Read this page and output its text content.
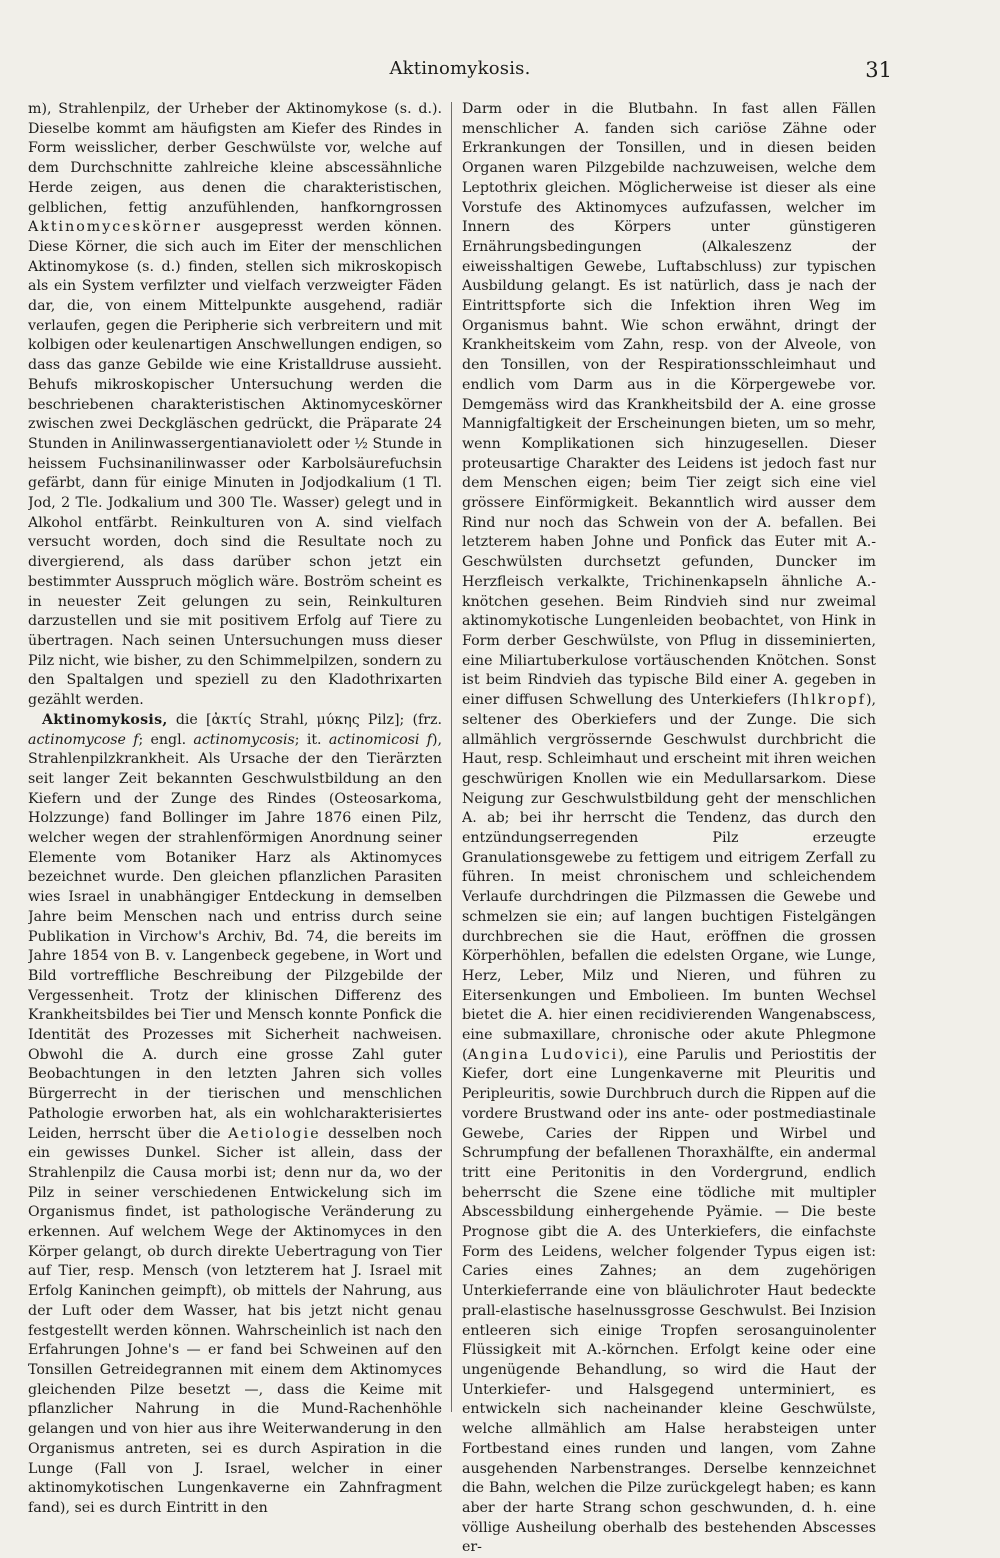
Aktinomykosis.	31

m), Strahlenpilz, der Urheber der Aktinomykose (s. d.). Dieselbe kommt am häufigsten am Kiefer des Rindes in Form weisslicher, derber Geschwülste vor, welche auf dem Durchschnitte zahlreiche kleine abscessähnliche Herde zeigen, aus denen die charakteristischen, gelblichen, fettig anzufühlenden, hanfkorngrossen Aktinomyceskörner ausgepresst werden können. Diese Körner, die sich auch im Eiter der menschlichen Aktinomykose (s. d.) finden, stellen sich mikroskopisch als ein System verfilzter und vielfach verzweigter Fäden dar, die, von einem Mittelpunkte ausgehend, radiär verlaufen, gegen die Peripherie sich verbreitern und mit kolbigen oder keulenartigen Anschwellungen endigen, so dass das ganze Gebilde wie eine Kristalldruse aussieht. Behufs mikroskopischer Untersuchung werden die beschriebenen charakteristischen Aktinomyceskörner zwischen zwei Deckgläschen gedrückt, die Präparate 24 Stunden in Anilinwassergentianaviolett oder ½ Stunde in heissem Fuchsinanilinwasser oder Karbolsäurefuchsin gefärbt, dann für einige Minuten in Jodjodkalium (1 Tl. Jod, 2 Tle. Jodkalium und 300 Tle. Wasser) gelegt und in Alkohol entfärbt. Reinkulturen von A. sind vielfach versucht worden, doch sind die Resultate noch zu divergierend, als dass darüber schon jetzt ein bestimmter Ausspruch möglich wäre. Boström scheint es in neuester Zeit gelungen zu sein, Reinkulturen darzustellen und sie mit positivem Erfolg auf Tiere zu übertragen. Nach seinen Untersuchungen muss dieser Pilz nicht, wie bisher, zu den Schimmelpilzen, sondern zu den Spaltalgen und speziell zu den Kladothrixarten gezählt werden.

Aktinomykosis, die [ἀκτίς Strahl, μύκης Pilz]; (frz. actinomycose f; engl. actinomycosis; it. actinomicosi f), Strahlenpilzkrankheit. Als Ursache der den Tierärzten seit langer Zeit bekannten Geschwulstbildung an den Kiefern und der Zunge des Rindes (Osteosarkoma, Holzzunge) fand Bollinger im Jahre 1876 einen Pilz, welcher wegen der strahlenförmigen Anordnung seiner Elemente vom Botaniker Harz als Aktinomyces bezeichnet wurde. Den gleichen pflanzlichen Parasiten wies Israel in unabhängiger Entdeckung in demselben Jahre beim Menschen nach und entriss durch seine Publikation in Virchow's Archiv, Bd. 74, die bereits im Jahre 1854 von B. v. Langenbeck gegebene, in Wort und Bild vortreffliche Beschreibung der Pilzgebilde der Vergessenheit. Trotz der klinischen Differenz des Krankheitsbildes bei Tier und Mensch konnte Ponfick die Identität des Prozesses mit Sicherheit nachweisen. Obwohl die A. durch eine grosse Zahl guter Beobachtungen in den letzten Jahren sich volles Bürgerrecht in der tierischen und menschlichen Pathologie erworben hat, als ein wohlcharakterisiertes Leiden, herrscht über die Aetiologie desselben noch ein gewisses Dunkel. Sicher ist allein, dass der Strahlenpilz die Causa morbi ist; denn nur da, wo der Pilz in seiner verschiedenen Entwickelung sich im Organismus findet, ist pathologische Veränderung zu erkennen. Auf welchem Wege der Aktinomyces in den Körper gelangt, ob durch direkte Uebertragung von Tier auf Tier, resp. Mensch (von letzterem hat J. Israel mit Erfolg Kaninchen geimpft), ob mittels der Nahrung, aus der Luft oder dem Wasser, hat bis jetzt nicht genau festgestellt werden können. Wahrscheinlich ist nach den Erfahrungen Johne's — er fand bei Schweinen auf den Tonsillen Getreidegrannen mit einem dem Aktinomyces gleichenden Pilze besetzt —, dass die Keime mit pflanzlicher Nahrung in die Mund-Rachenhöhle gelangen und von hier aus ihre Weiterwanderung in den Organismus antreten, sei es durch Aspiration in die Lunge (Fall von J. Israel, welcher in einer aktinomykotischen Lungenkaverne ein Zahnfragment fand), sei es durch Eintritt in den

Darm oder in die Blutbahn. In fast allen Fällen menschlicher A. fanden sich cariöse Zähne oder Erkrankungen der Tonsillen, und in diesen beiden Organen waren Pilzgebilde nachzuweisen, welche dem Leptothrix gleichen. Möglicherweise ist dieser als eine Vorstufe des Aktinomyces aufzufassen, welcher im Innern des Körpers unter günstigeren Ernährungsbedingungen (Alkaleszenz der eiweisshaltigen Gewebe, Luftabschluss) zur typischen Ausbildung gelangt. Es ist natürlich, dass je nach der Eintrittspforte sich die Infektion ihren Weg im Organismus bahnt. Wie schon erwähnt, dringt der Krankheitskeim vom Zahn, resp. von der Alveole, von den Tonsillen, von der Respirationsschleimhaut und endlich vom Darm aus in die Körpergewebe vor. Demgemäss wird das Krankheitsbild der A. eine grosse Mannigfaltigkeit der Erscheinungen bieten, um so mehr, wenn Komplikationen sich hinzugesellen. Dieser proteusartige Charakter des Leidens ist jedoch fast nur dem Menschen eigen; beim Tier zeigt sich eine viel grössere Einförmigkeit. Bekanntlich wird ausser dem Rind nur noch das Schwein von der A. befallen. Bei letzterem haben Johne und Ponfick das Euter mit A.-Geschwülsten durchsetzt gefunden, Duncker im Herzfleisch verkalkte, Trichinenkapseln ähnliche A.-knötchen gesehen. Beim Rindvieh sind nur zweimal aktinomykotische Lungenleiden beobachtet, von Hink in Form derber Geschwülste, von Pflug in disseminierten, eine Miliartuberkulose vortäuschenden Knötchen. Sonst ist beim Rindvieh das typische Bild einer A. gegeben in einer diffusen Schwellung des Unterkiefers (Ihlkropf), seltener des Oberkiefers und der Zunge. Die sich allmählich vergrössernde Geschwulst durchbricht die Haut, resp. Schleimhaut und erscheint mit ihren weichen geschwürigen Knollen wie ein Medullarsarkom. Diese Neigung zur Geschwulstbildung geht der menschlichen A. ab; bei ihr herrscht die Tendenz, das durch den entzündungserregenden Pilz erzeugte Granulationsgewebe zu fettigem und eitrigem Zerfall zu führen. In meist chronischem und schleichendem Verlaufe durchdringen die Pilzmassen die Gewebe und schmelzen sie ein; auf langen buchtigen Fistelgängen durchbrechen sie die Haut, eröffnen die grossen Körperhöhlen, befallen die edelsten Organe, wie Lunge, Herz, Leber, Milz und Nieren, und führen zu Eitersenkungen und Embolieen. Im bunten Wechsel bietet die A. hier einen recidivierenden Wangenabscess, eine submaxillare, chronische oder akute Phlegmone (Angina Ludovici), eine Parulis und Periostitis der Kiefer, dort eine Lungenkaverne mit Pleuritis und Peripleuritis, sowie Durchbruch durch die Rippen auf die vordere Brustwand oder ins ante- oder postmediastinale Gewebe, Caries der Rippen und Wirbel und Schrumpfung der befallenen Thoraxhälfte, ein andermal tritt eine Peritonitis in den Vordergrund, endlich beherrscht die Szene eine tödliche mit multipler Abscessbildung einhergehende Pyämie. — Die beste Prognose gibt die A. des Unterkiefers, die einfachste Form des Leidens, welcher folgender Typus eigen ist: Caries eines Zahnes; an dem zugehörigen Unterkieferrande eine von bläulichroter Haut bedeckte prall-elastische haselnussgrosse Geschwulst. Bei Inzision entleeren sich einige Tropfen serosanguinolenter Flüssigkeit mit A.-körnchen. Erfolgt keine oder eine ungenügende Behandlung, so wird die Haut der Unterkiefer- und Halsgegend unterminiert, es entwickeln sich nacheinander kleine Geschwülste, welche allmählich am Halse herabsteigen unter Fortbestand eines runden und langen, vom Zahne ausgehenden Narbenstranges. Derselbe kennzeichnet die Bahn, welchen die Pilze zurückgelegt haben; es kann aber der harte Strang schon geschwunden, d. h. eine völlige Ausheilung oberhalb des bestehenden Abscesses er-
